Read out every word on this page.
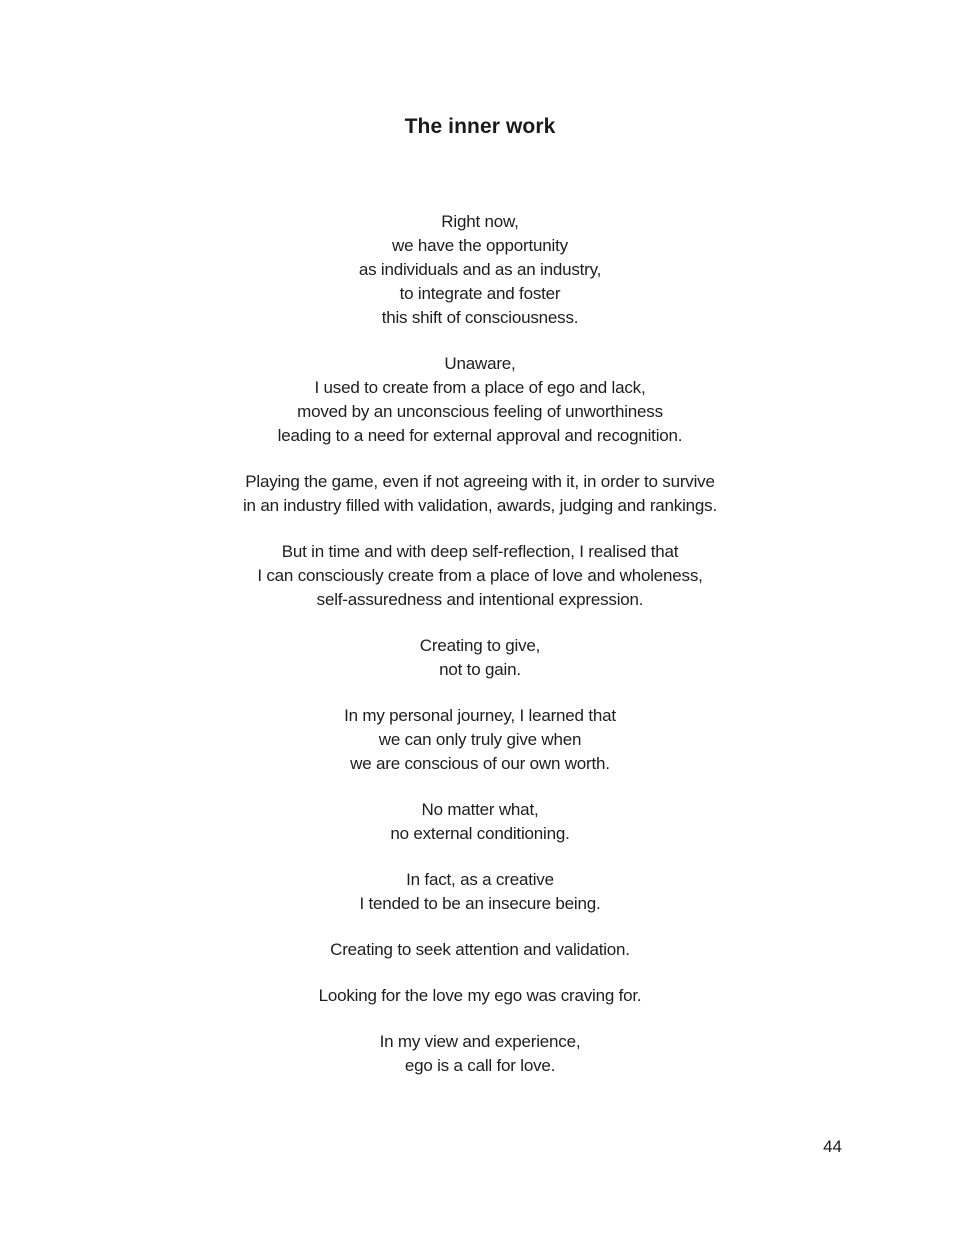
The inner work

Right now,
we have the opportunity
as individuals and as an industry,
to integrate and foster
this shift of consciousness.

Unaware,
I used to create from a place of ego and lack,
moved by an unconscious feeling of unworthiness
leading to a need for external approval and recognition.

Playing the game, even if not agreeing with it, in order to survive
in an industry filled with validation, awards, judging and rankings.

But in time and with deep self-reflection, I realised that
I can consciously create from a place of love and wholeness,
self-assuredness and intentional expression.

Creating to give,
not to gain.

In my personal journey, I learned that
we can only truly give when
we are conscious of our own worth.

No matter what,
no external conditioning.

In fact, as a creative
I tended to be an insecure being.

Creating to seek attention and validation.

Looking for the love my ego was craving for.

In my view and experience,
ego is a call for love.

44
